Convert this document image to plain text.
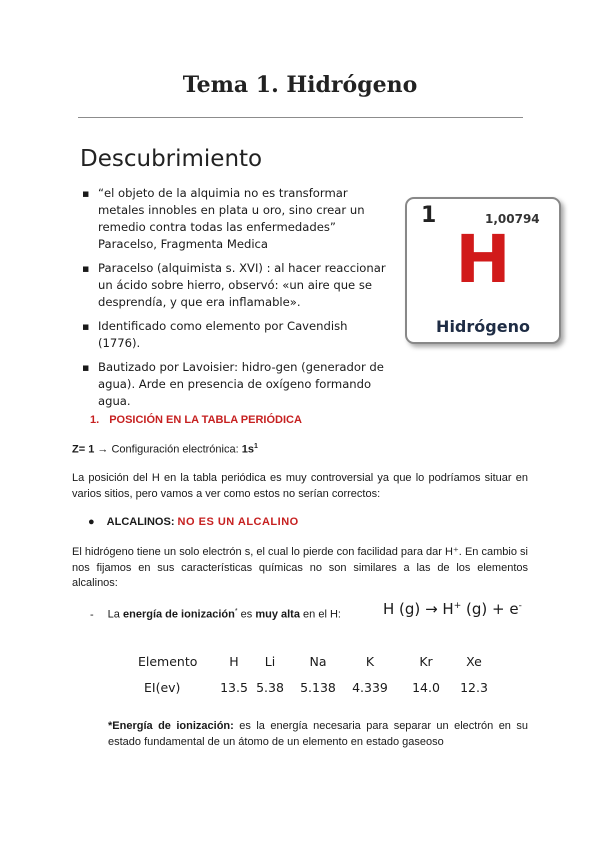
Tema 1. Hidrógeno
Descubrimiento
▪ “el objeto de la alquimia no es transformar metales innobles en plata u oro, sino crear un remedio contra todas las enfermedades” Paracelso, Fragmenta Medica
▪ Paracelso (alquimista s. XVI) : al hacer reaccionar un ácido sobre hierro, observó: «un aire que se desprendía, y que era inflamable».
▪ Identificado como elemento por Cavendish (1776).
▪ Bautizado por Lavoisier: hidro-gen (generador de agua). Arde en presencia de oxígeno formando agua.
1	1,00794
H
Hidrógeno
1. POSICIÓN EN LA TABLA PERIÓDICA
Z= 1 → Configuración electrónica: $1s^1$
La posición del H en la tabla periódica es muy controversial ya que lo podríamos situar en varios sitios, pero vamos a ver como estos no serían correctos:
● ALCALINOS: NO ES UN ALCALINO
El hidrógeno tiene un solo electrón s, el cual lo pierde con facilidad para dar H⁺. En cambio si nos fijamos en sus características químicas no son similares a las de los elementos alcalinos:
- La energía de ionización* es muy alta en el H:	H (g) → H+ (g) + e-
Elemento	H	Li	Na	K	Kr	Xe
EI(ev)	13.5	5.38	5.138	4.339	14.0	12.3
*Energía de ionización: es la energía necesaria para separar un electrón en su estado fundamental de un átomo de un elemento en estado gaseoso
